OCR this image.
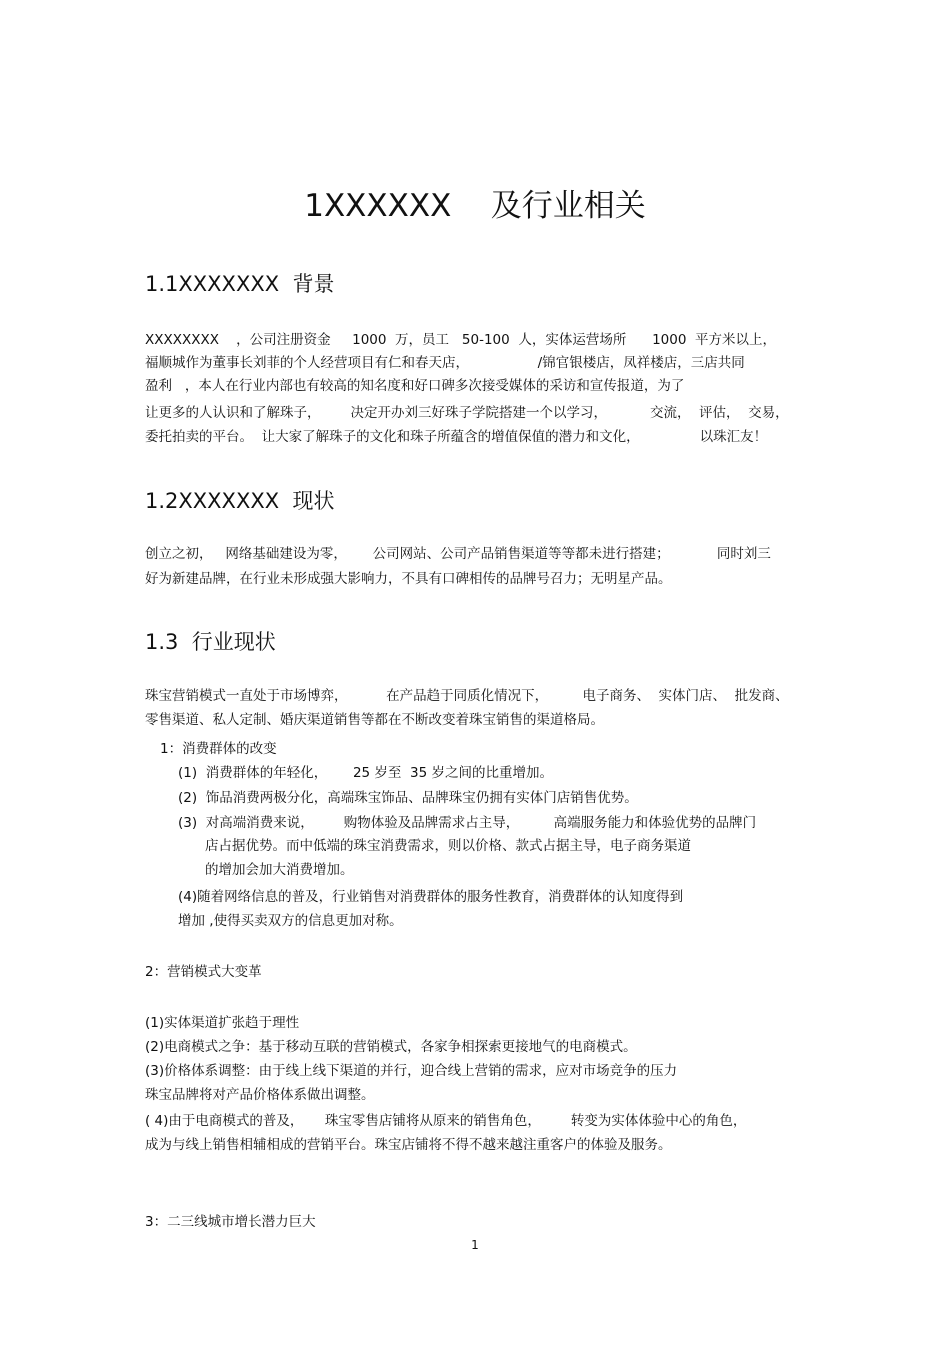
1XXXXXX    及行业相关
1.1XXXXXXX  背景
XXXXXXXX    ，公司注册资金     1000  万，员工   50-100  人，实体运营场所      1000  平方米以上，
福顺城作为董事长刘菲的个人经营项目有仁和春天店，                /锦官银楼店，凤祥楼店，三店共同
盈利   ，本人在行业内部也有较高的知名度和好口碑多次接受媒体的采访和宣传报道，为了
让更多的人认识和了解珠子，       决定开办刘三好珠子学院搭建一个以学习，          交流，  评估，  交易，
委托拍卖的平台。  让大家了解珠子的文化和珠子所蕴含的增值保值的潜力和文化，              以珠汇友！
1.2XXXXXXX  现状
创立之初，   网络基础建设为零，      公司网站、公司产品销售渠道等等都未进行搭建；           同时刘三
好为新建品牌，在行业未形成强大影响力，不具有口碑相传的品牌号召力；无明星产品。
1.3  行业现状
珠宝营销模式一直处于市场博弈，         在产品趋于同质化情况下，        电子商务、  实体门店、  批发商、
零售渠道、私人定制、婚庆渠道销售等都在不断改变着珠宝销售的渠道格局。
1：消费群体的改变
(1)  消费群体的年轻化，      25 岁至  35 岁之间的比重增加。
(2)  饰品消费两极分化，高端珠宝饰品、品牌珠宝仍拥有实体门店销售优势。
(3)  对高端消费来说，       购物体验及品牌需求占主导，        高端服务能力和体验优势的品牌门
店占据优势。而中低端的珠宝消费需求，则以价格、款式占据主导，电子商务渠道
的增加会加大消费增加。
(4)随着网络信息的普及，行业销售对消费群体的服务性教育，消费群体的认知度得到
增加 ,使得买卖双方的信息更加对称。
2：营销模式大变革
(1)实体渠道扩张趋于理性
(2)电商模式之争：基于移动互联的营销模式，各家争相探索更接地气的电商模式。
(3)价格体系调整：由于线上线下渠道的并行，迎合线上营销的需求，应对市场竞争的压力
珠宝品牌将对产品价格体系做出调整。
( 4)由于电商模式的普及，     珠宝零售店铺将从原来的销售角色，       转变为实体体验中心的角色，
成为与线上销售相辅相成的营销平台。珠宝店铺将不得不越来越注重客户的体验及服务。
3：二三线城市增长潜力巨大
1
